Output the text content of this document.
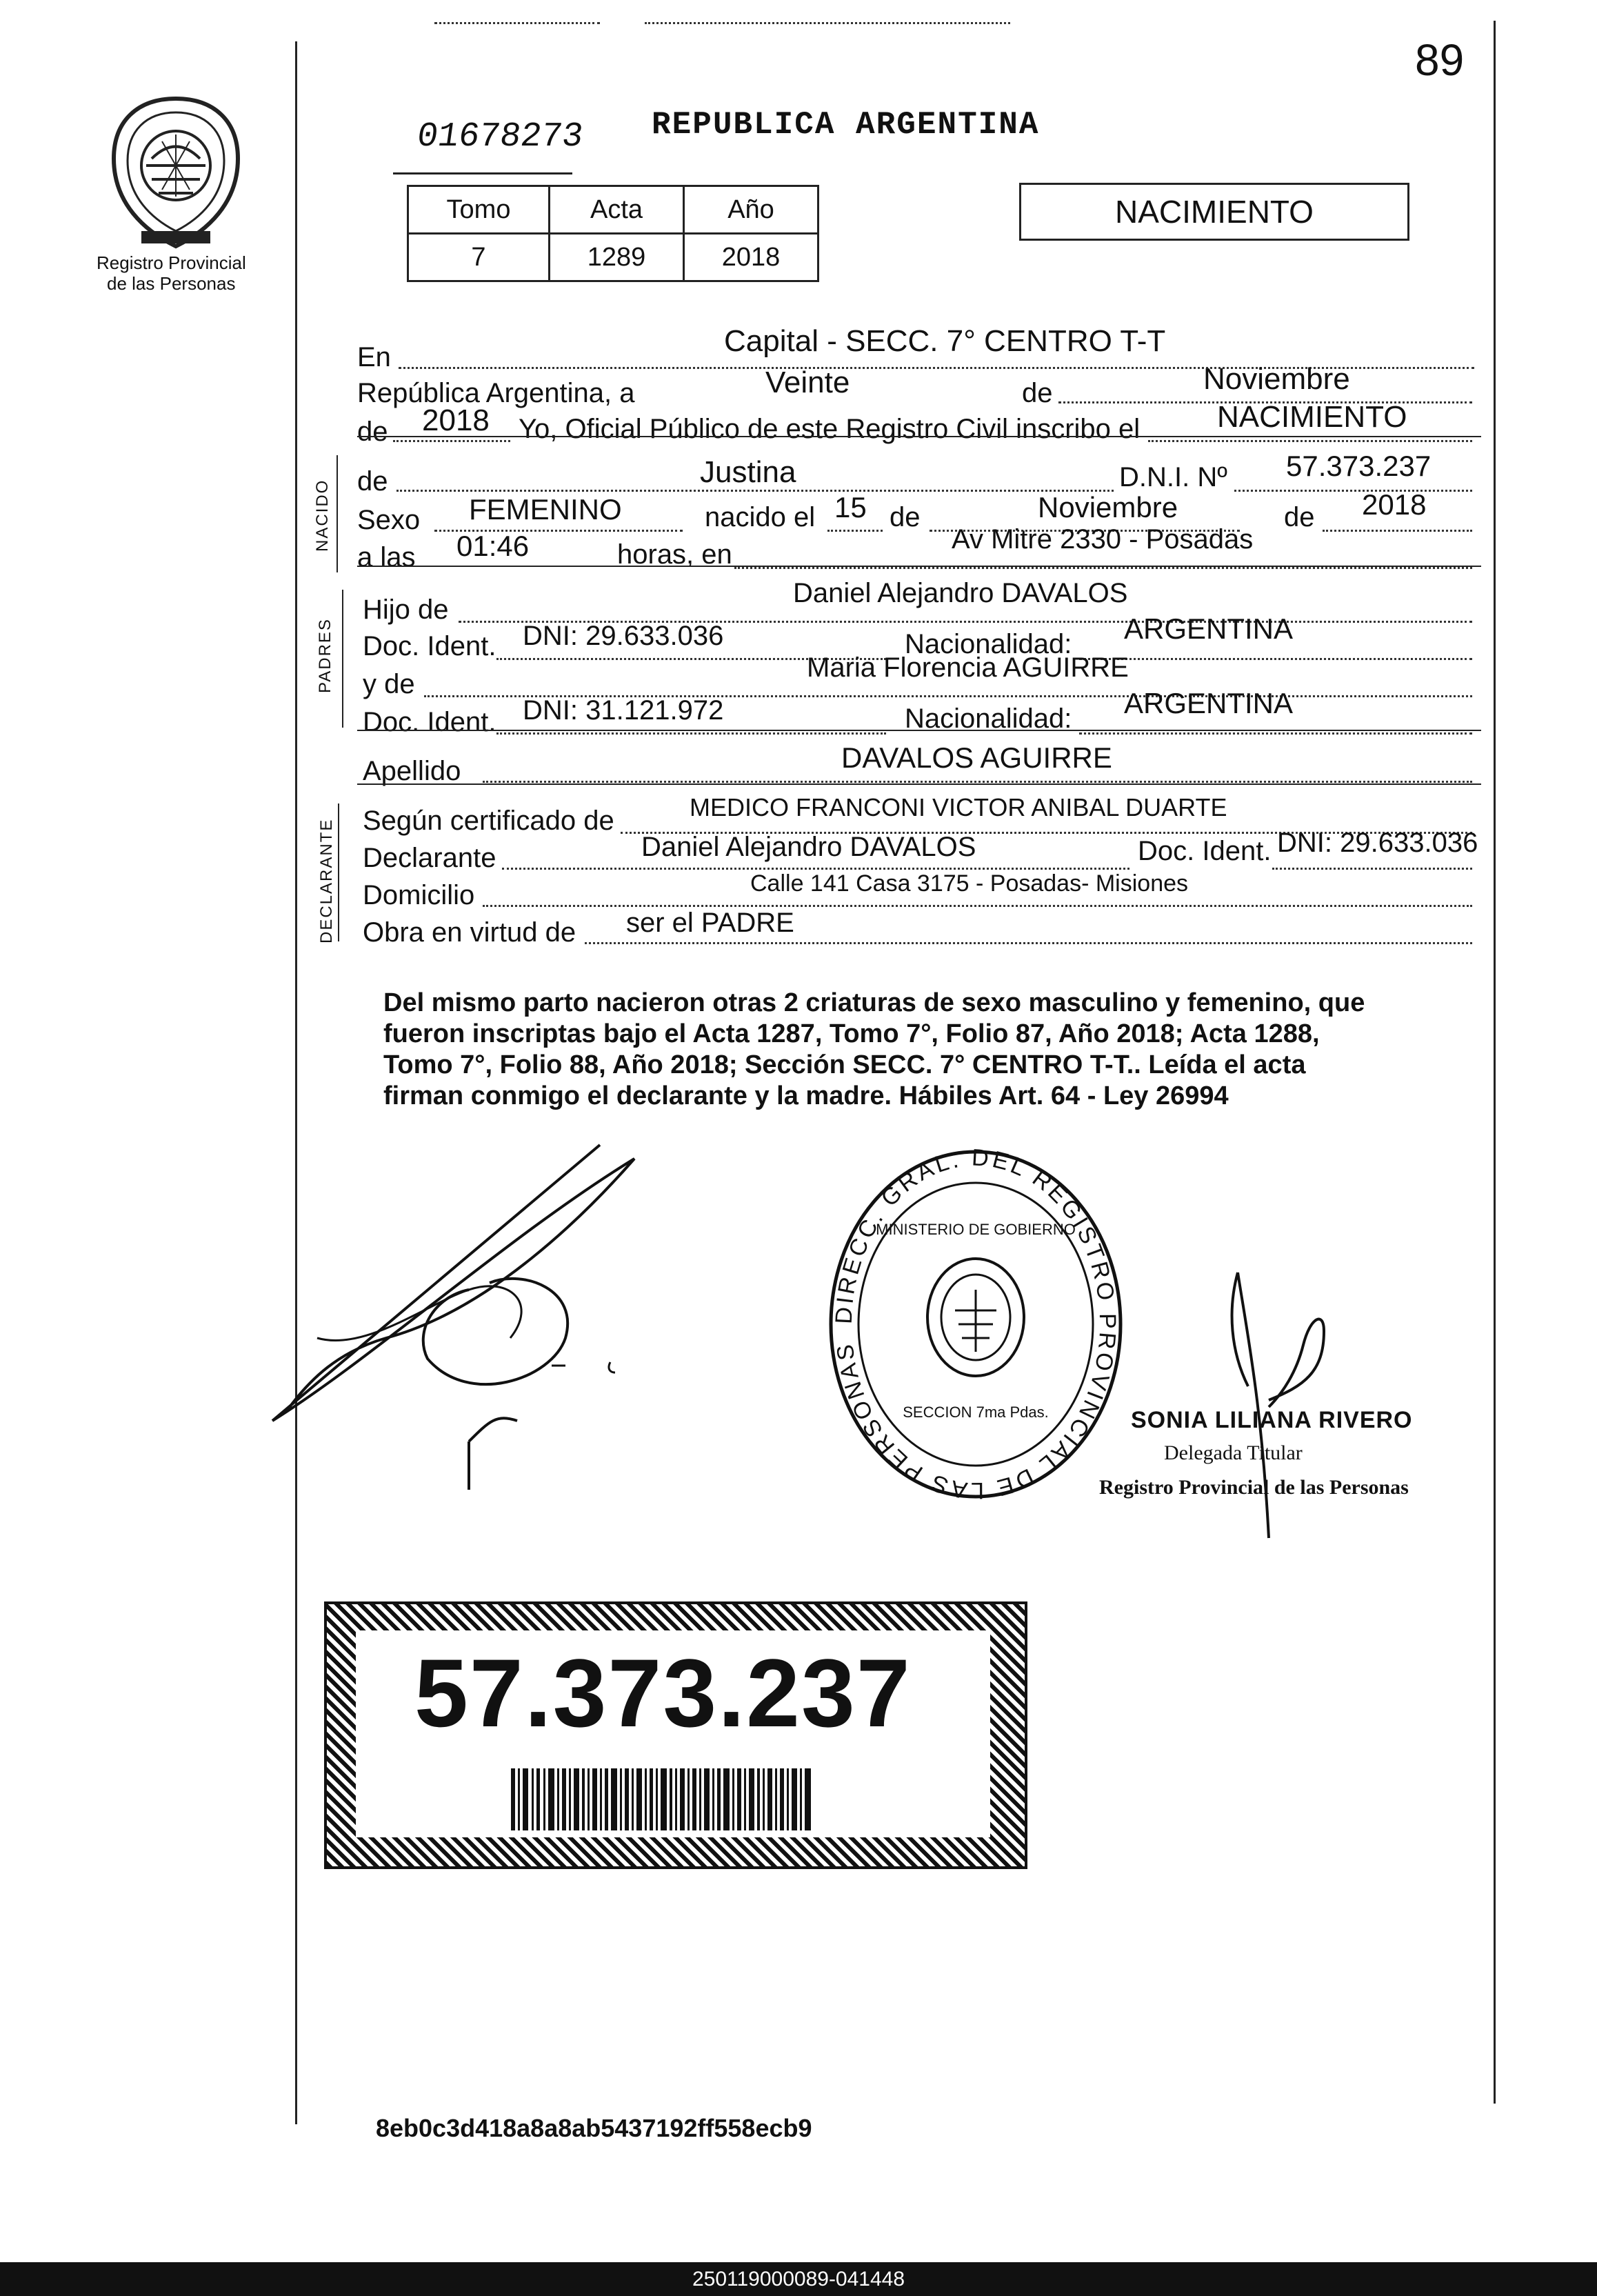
89
Registro Provincial
de las Personas
01678273 REPUBLICA ARGENTINA
Tomo	Acta	Año
7	1289	2018
NACIMIENTO
En	Capital - SECC. 7° CENTRO T-T
República Argentina, a	Veinte	de	Noviembre
de 2018 Yo, Oficial Público de este Registro Civil inscribo el	NACIMIENTO
NACIDO de	Justina	D.N.I. Nº 57.373.237
Sexo FEMENINO	nacido el 15 de	Noviembre	de 2018
a las 01:46	horas, en	Av Mitre 2330 - Posadas
PADRES
Hijo de
Daniel Alejandro DAVALOS
Doc. Ident. DNI: 29.633.036	Nacionalidad: ARGENTINA
y de
Maria Florencia AGUIRRE
Doc. Ident. DNI: 31.121.972	Nacionalidad: ARGENTINA
Apellido	DAVALOS AGUIRRE
DECLARANTE Según certificado de	MEDICO FRANCONI VICTOR ANIBAL DUARTE
Declarante	Daniel Alejandro DAVALOS	Doc. Ident. DNI: 29.633.036
Domicilio	Calle 141 Casa 3175 - Posadas- Misiones
Obra en virtud de ser el PADRE
Del mismo parto nacieron otras 2 criaturas de sexo masculino y femenino, que
fueron inscriptas bajo el Acta 1287, Tomo 7°, Folio 87, Año 2018; Acta 1288,
Tomo 7°, Folio 88, Año 2018; Sección SECC. 7° CENTRO T-T.. Leída el acta
firman conmigo el declarante y la madre. Hábiles Art. 64 - Ley 26994
DIRECC. GRAL. DEL REGISTRO PROVINCIAL DE LAS PERSONAS
MINISTERIO DE GOBIERNO
SECCION 7ma Pdas.	SONIA LILIANA RIVERO
Delegada Titular
Registro Provincial de las Personas
57.373.237
8eb0c3d418a8a8ab5437192ff558ecb9
250119000089-041448
